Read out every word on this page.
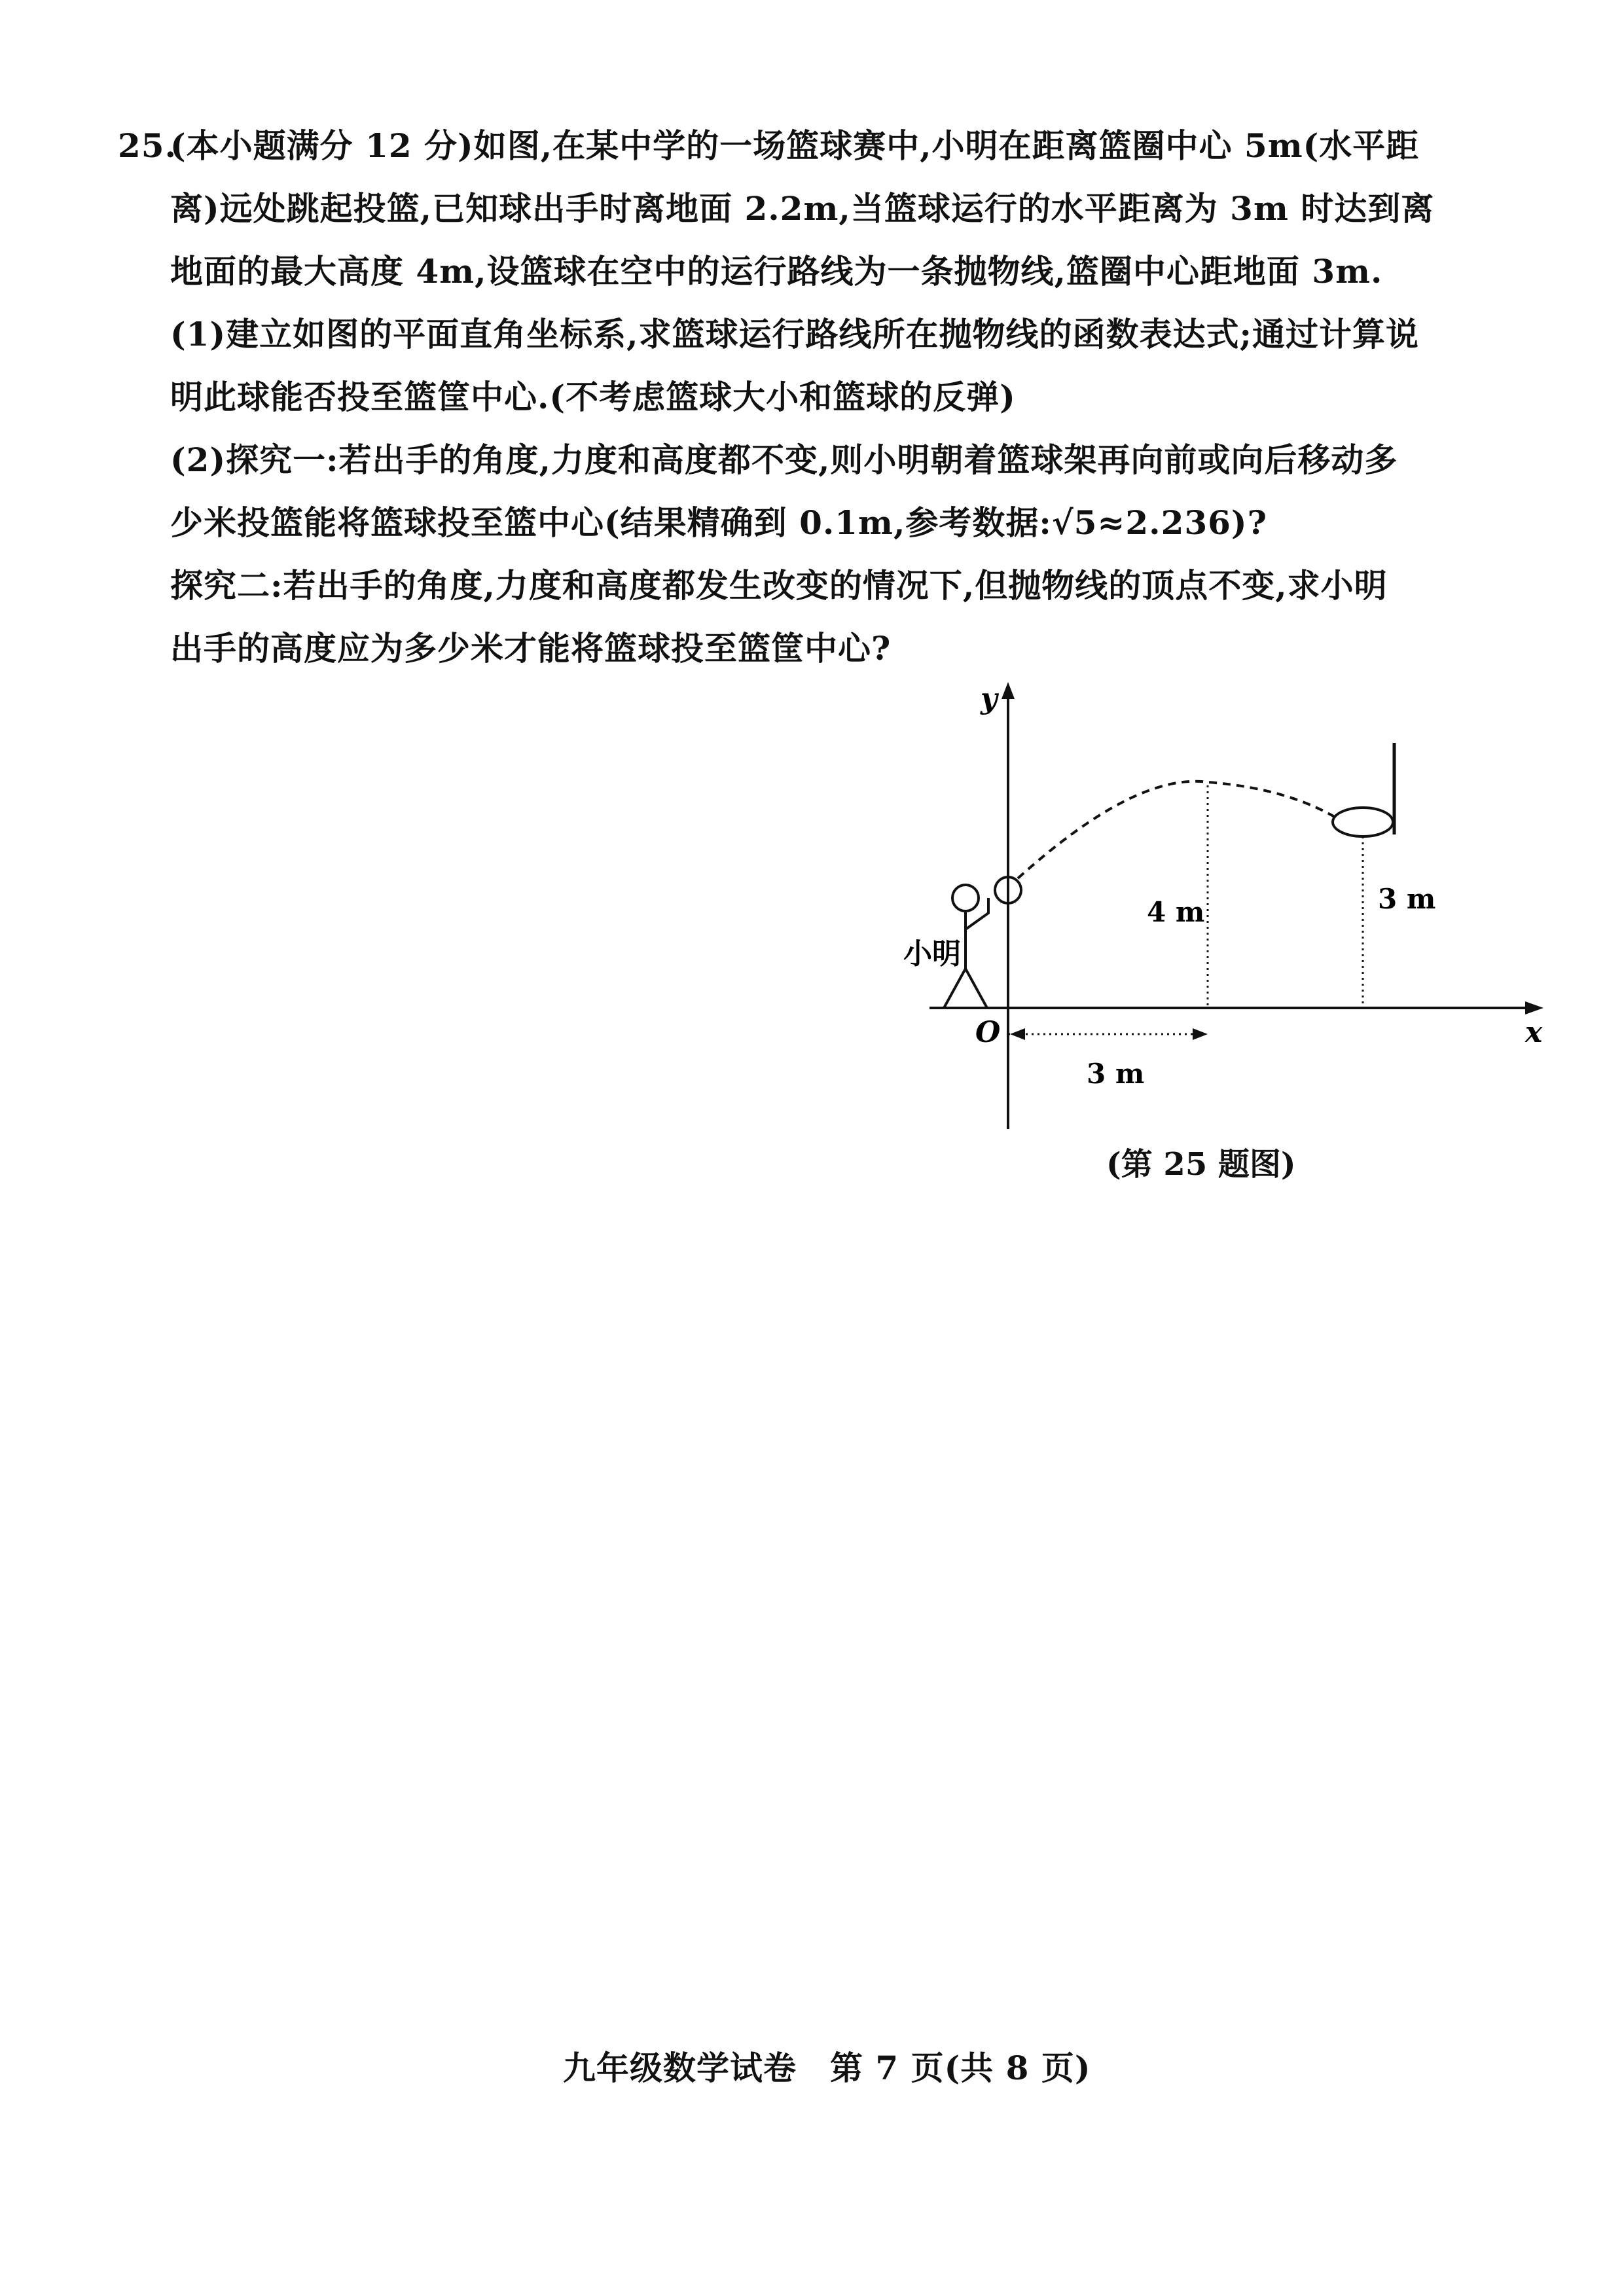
25.
(本小题满分 12 分)如图,在某中学的一场篮球赛中,小明在距离篮圈中心 5m(水平距
离)远处跳起投篮,已知球出手时离地面 2.2m,当篮球运行的水平距离为 3m 时达到离
地面的最大高度 4m,设篮球在空中的运行路线为一条抛物线,篮圈中心距地面 3m.
(1)建立如图的平面直角坐标系,求篮球运行路线所在抛物线的函数表达式;通过计算说
明此球能否投至篮筐中心.(不考虑篮球大小和篮球的反弹)
(2)探究一:若出手的角度,力度和高度都不变,则小明朝着篮球架再向前或向后移动多
少米投篮能将篮球投至篮中心(结果精确到 0.1m,参考数据:√5≈2.236)?
探究二:若出手的角度,力度和高度都发生改变的情况下,但抛物线的顶点不变,求小明
出手的高度应为多少米才能将篮球投至篮筐中心?
y
x
O
小明
4 m
3 m
3 m
(第 25 题图)
九年级数学试卷　第 7 页(共 8 页)
